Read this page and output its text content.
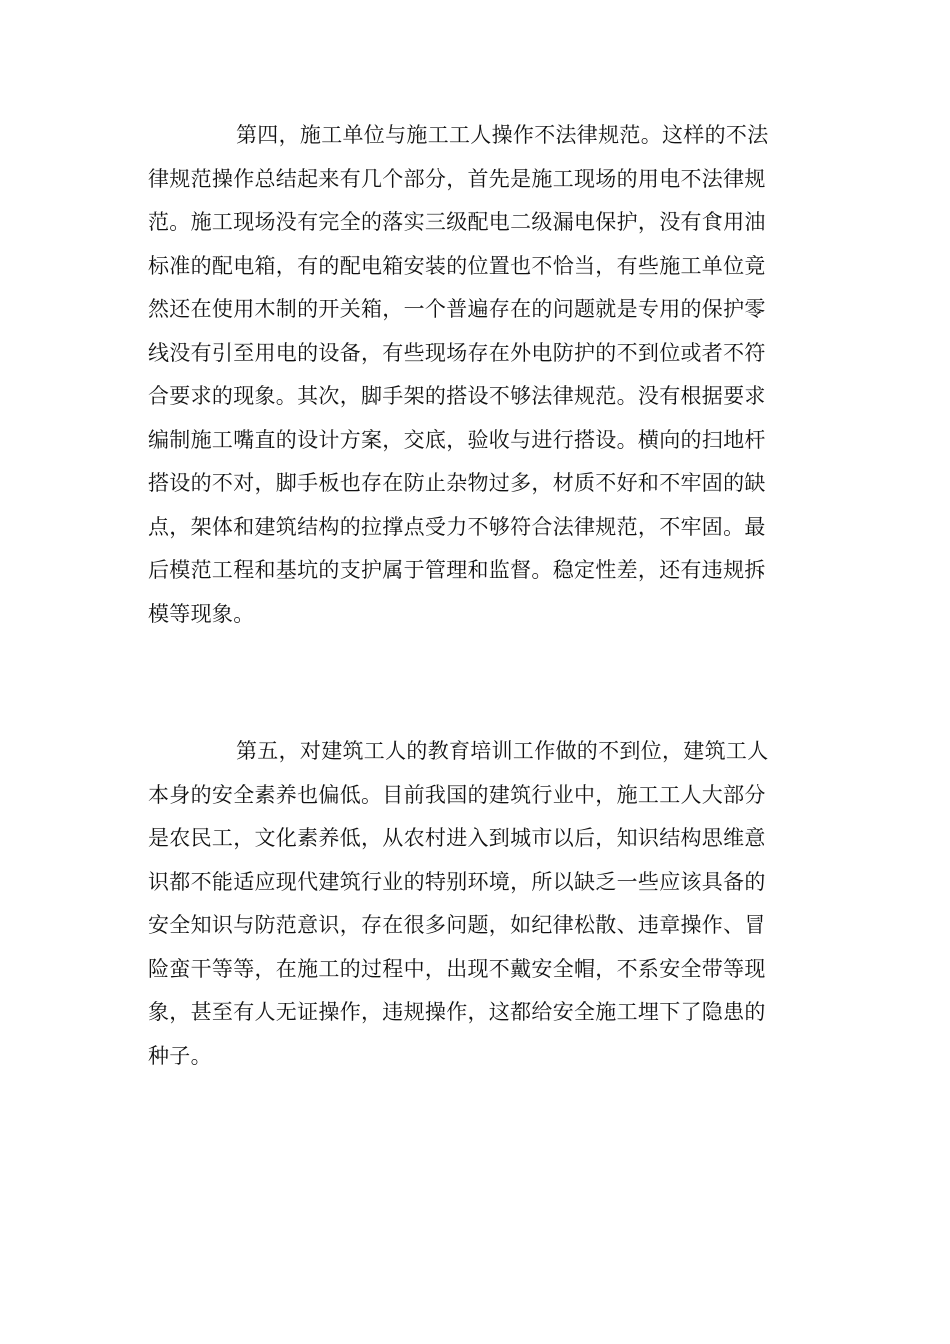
第四，施工单位与施工工人操作不法律规范。这样的不法
律规范操作总结起来有几个部分，首先是施工现场的用电不法律规
范。施工现场没有完全的落实三级配电二级漏电保护，没有食用油
标准的配电箱，有的配电箱安装的位置也不恰当，有些施工单位竟
然还在使用木制的开关箱，一个普遍存在的问题就是专用的保护零
线没有引至用电的设备，有些现场存在外电防护的不到位或者不符
合要求的现象。其次，脚手架的搭设不够法律规范。没有根据要求
编制施工嘴直的设计方案，交底，验收与进行搭设。横向的扫地杆
搭设的不对，脚手板也存在防止杂物过多，材质不好和不牢固的缺
点，架体和建筑结构的拉撑点受力不够符合法律规范，不牢固。最
后模范工程和基坑的支护属于管理和监督。稳定性差，还有违规拆
模等现象。
第五，对建筑工人的教育培训工作做的不到位，建筑工人
本身的安全素养也偏低。目前我国的建筑行业中，施工工人大部分
是农民工，文化素养低，从农村进入到城市以后，知识结构思维意
识都不能适应现代建筑行业的特别环境，所以缺乏一些应该具备的
安全知识与防范意识，存在很多问题，如纪律松散、违章操作、冒
险蛮干等等，在施工的过程中，出现不戴安全帽，不系安全带等现
象，甚至有人无证操作，违规操作，这都给安全施工埋下了隐患的
种子。
